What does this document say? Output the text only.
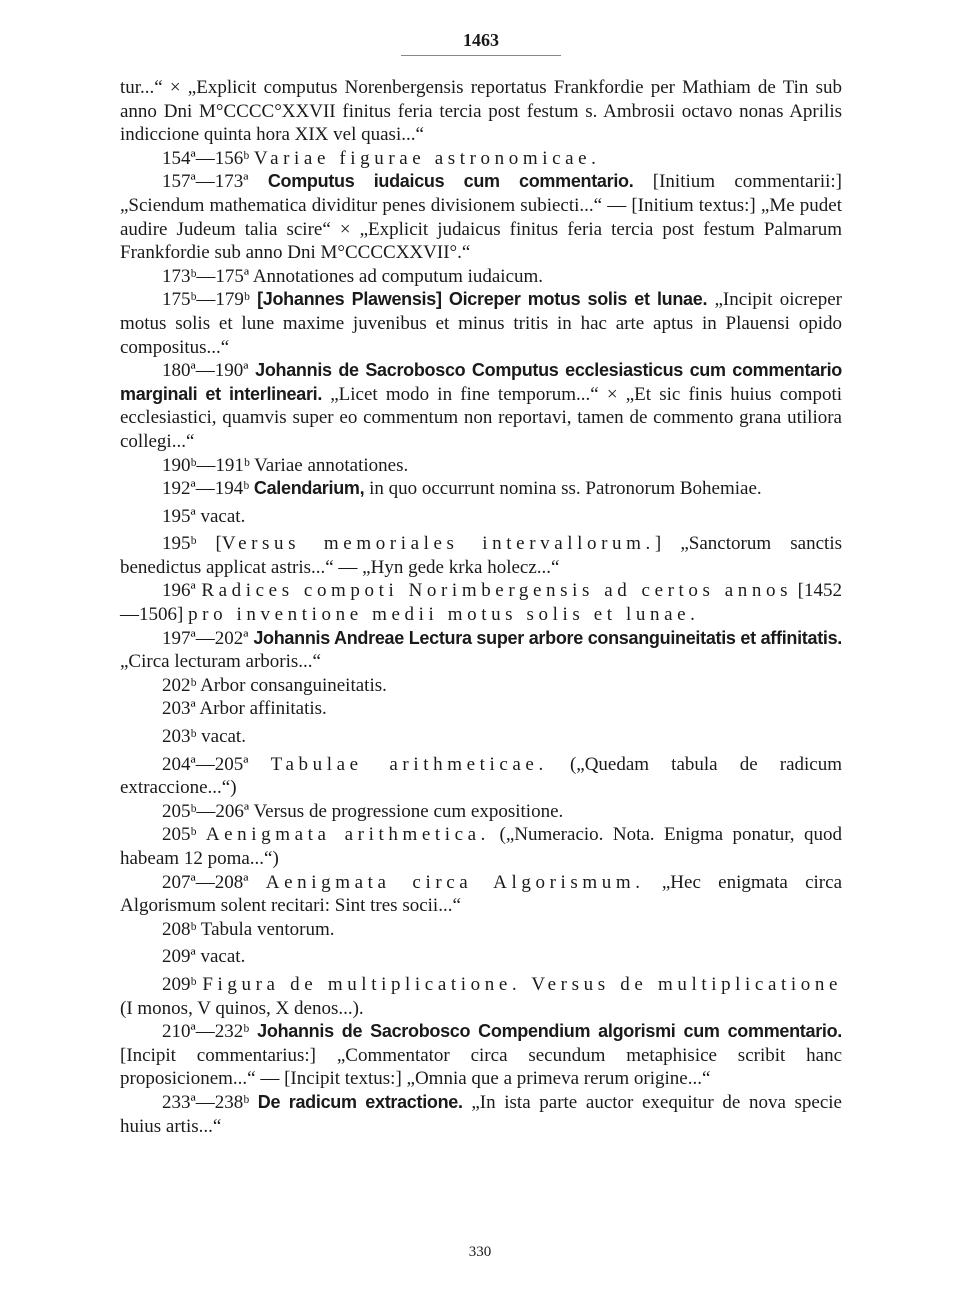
1463

tur...“ × „Explicit computus Norenbergensis reportatus Frankfordie per Mathiam de Tin sub anno Dni M°CCCC°XXVII finitus feria tercia post festum s. Ambrosii octavo nonas Aprilis indiccione quinta hora XIX vel quasi...“

154ª—156ᵇ Variae figurae astronomicae.

157ª—173ª Computus iudaicus cum commentario. [Initium commentarii:] „Sciendum mathematica dividitur penes divisionem subiecti...“ — [Initium textus:] „Me pudet audire Judeum talia scire“ × „Explicit judaicus finitus feria tercia post festum Palmarum Frankfordie sub anno Dni M°CCCCXXVII°.“

173ᵇ—175ª Annotationes ad computum iudaicum.

175ᵇ—179ᵇ [Johannes Plawensis] Oicreper motus solis et lunae. „Incipit oicreper motus solis et lune maxime juvenibus et minus tritis in hac arte aptus in Plauensi opido compositus...“

180ª—190ª Johannis de Sacrobosco Computus ecclesiasticus cum commentario marginali et interlineari. „Licet modo in fine temporum...“ × „Et sic finis huius compoti ecclesiastici, quamvis super eo commentum non reportavi, tamen de commento grana utiliora collegi...“

190ᵇ—191ᵇ Variae annotationes.

192ª—194ᵇ Calendarium, in quo occurrunt nomina ss. Patronorum Bohemiae.

195ª vacat.

195ᵇ [Versus memoriales intervallorum.] „Sanctorum sanctis benedictus applicat astris...“ — „Hyn gede krka holecz...“

196ª Radices compoti Norimbergensis ad certos annos [1452—1506] pro inventione medii motus solis et lunae.

197ª—202ª Johannis Andreae Lectura super arbore consanguineitatis et affinitatis. „Circa lecturam arboris...“

202ᵇ Arbor consanguineitatis.

203ª Arbor affinitatis.

203ᵇ vacat.

204ª—205ª Tabulae arithmeticae. („Quedam tabula de radicum extraccione...“)

205ᵇ—206ª Versus de progressione cum expositione.

205ᵇ Aenigmata arithmetica. („Numeracio. Nota. Enigma ponatur, quod habeam 12 poma...“)

207ª—208ª Aenigmata circa Algorismum. „Hec enigmata circa Algorismum solent recitari: Sint tres socii...“

208ᵇ Tabula ventorum.

209ª vacat.

209ᵇ Figura de multiplicatione. Versus de multiplicatione (I monos, V quinos, X denos...).

210ª—232ᵇ Johannis de Sacrobosco Compendium algorismi cum commentario. [Incipit commentarius:] „Commentator circa secundum metaphisice scribit hanc proposicionem...“ — [Incipit textus:] „Omnia que a primeva rerum origine...“

233ª—238ᵇ De radicum extractione. „In ista parte auctor exequitur de nova specie huius artis...“

330
